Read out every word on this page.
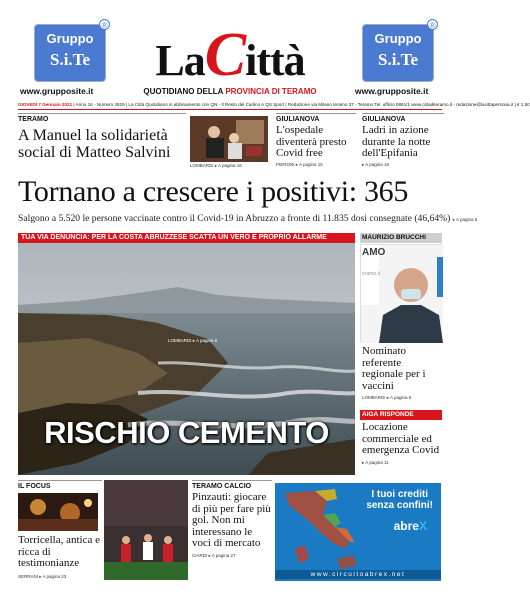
®
Gruppo
S.i.Te
www.grupposite.it
®
Gruppo
S.i.Te
www.grupposite.it
LaCittà
QUOTIDIANO DELLA PROVINCIA DI TERAMO
GIOVEDÌ 7 Gennaio 2021 | Anno 16 - Numero 4529 | La Città Quotidiano in abbinamento con QN - Il Resto del Carlino e QS Sport | Redazione via Milano teramo 37 - Teramo Tel. ufficio 0861/1 www.cittaditeramo.it - redazione@lacittapersona.it | € 1,50
TERAMO
A Manuel la solidarietà social di Matteo Salvini
LOMBARDI ▸ A pagina 16
GIULIANOVA
L'ospedale diventerà presto Covid free
PIERONI ▸ A pagina 15
GIULIANOVA
Ladri in azione durante la notte dell'Epifania
▸ A pagina 16
Tornano a crescere i positivi: 365
Salgono a 5.520 le persone vaccinate contro il Covid-19 in Abruzzo a fronte di 11.835 dosi consegnate (46,64%) ▸ A pagina 5
TUA VIA DENUNCIA: PER LA COSTA ABRUZZESE SCATTA UN VERO E PROPRIO ALLARME
RISCHIO CEMENTO
LOMBARDI ▸ A pagina 6
MAURIZIO BRUCCHI
AMO
eramo.it
Nominato referente regionale per i vaccini
LOMBARDI ▸ A pagina 5
AIGA RISPONDE
Locazione commerciale ed emergenza Covid
▸ A pagina 11
IL FOCUS
Torricella, antica e ricca di testimonianze
SERRANI ▸ A pagina 23
TERAMO CALCIO
Pinzauti: giocare di più per fare più gol. Non mi interessano le voci di mercato
CIARDI ▸ A pagina 27
I tuoi crediti
senza confini!
abreX
www.circuitoabrex.net
